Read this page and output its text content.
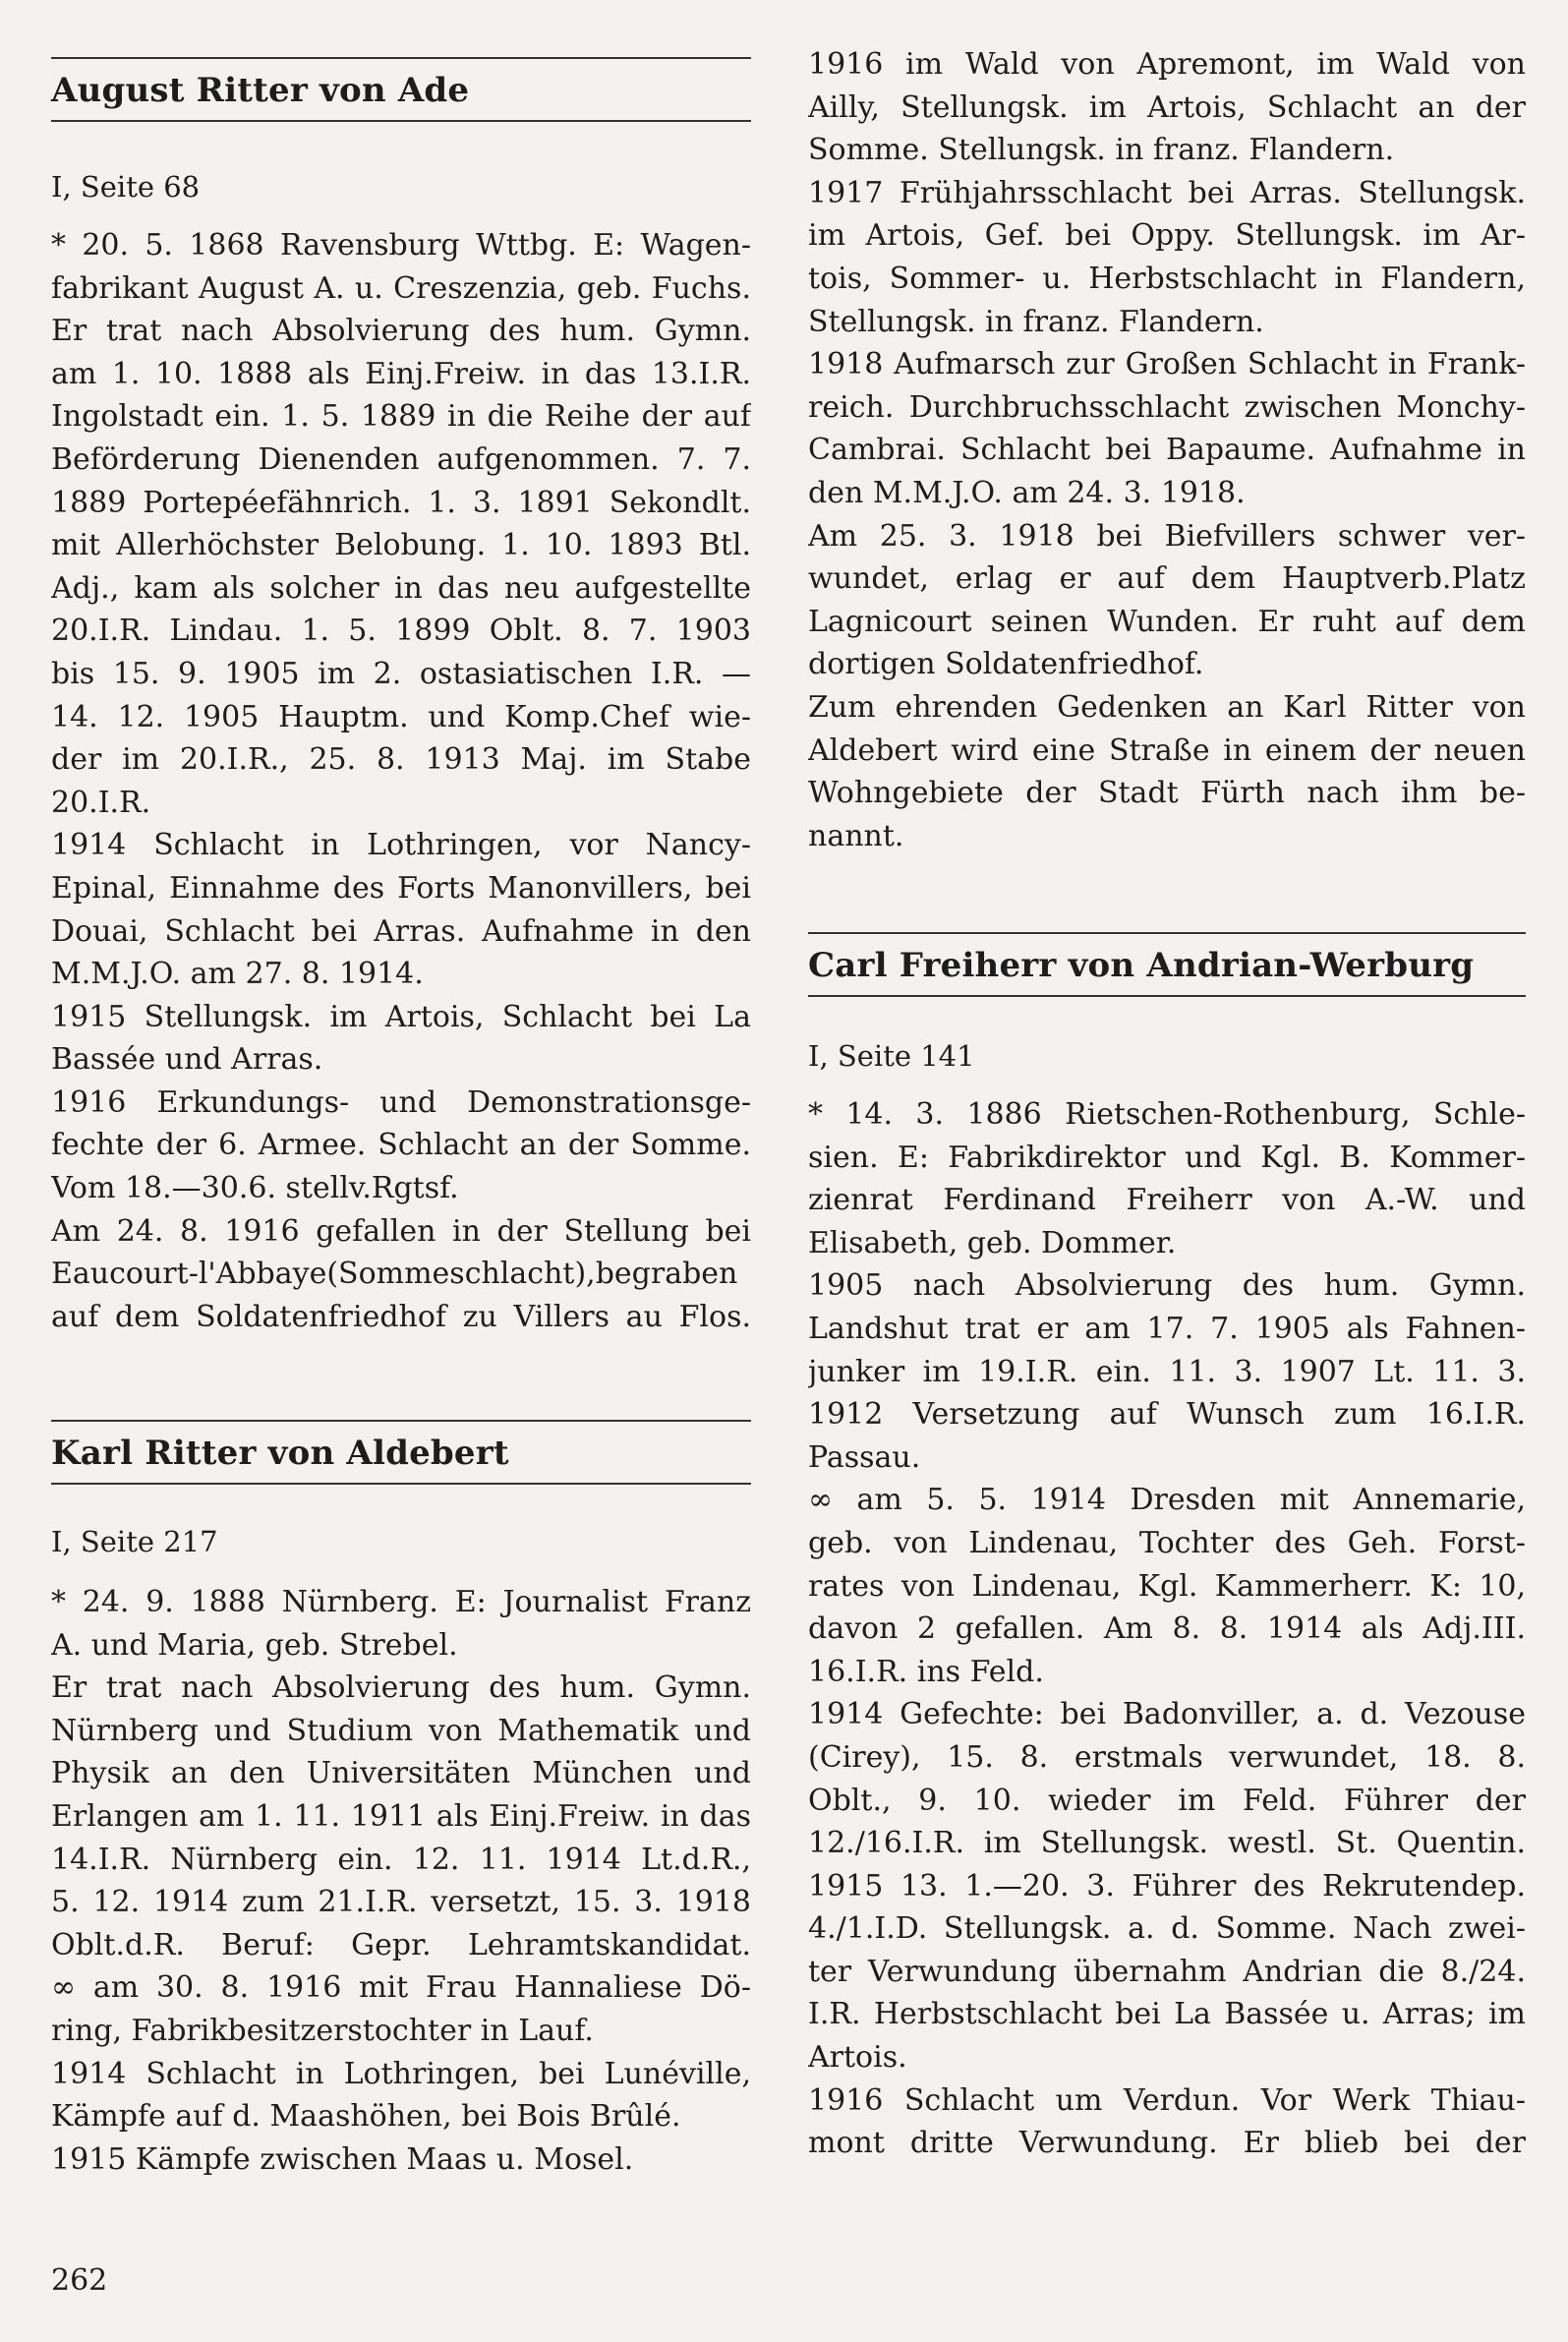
August Ritter von Ade
I, Seite 68
* 20. 5. 1868 Ravensburg Wttbg. E: Wagen-
fabrikant August A. u. Creszenzia, geb. Fuchs.
Er trat nach Absolvierung des hum. Gymn.
am 1. 10. 1888 als Einj.Freiw. in das 13.I.R.
Ingolstadt ein. 1. 5. 1889 in die Reihe der auf
Beförderung Dienenden aufgenommen. 7. 7.
1889 Portepéefähnrich. 1. 3. 1891 Sekondlt.
mit Allerhöchster Belobung. 1. 10. 1893 Btl.
Adj., kam als solcher in das neu aufgestellte
20.I.R. Lindau. 1. 5. 1899 Oblt. 8. 7. 1903
bis 15. 9. 1905 im 2. ostasiatischen I.R. —
14. 12. 1905 Hauptm. und Komp.Chef wie-
der im 20.I.R., 25. 8. 1913 Maj. im Stabe
20.I.R.
1914 Schlacht in Lothringen, vor Nancy-
Epinal, Einnahme des Forts Manonvillers, bei
Douai, Schlacht bei Arras. Aufnahme in den
M.M.J.O. am 27. 8. 1914.
1915 Stellungsk. im Artois, Schlacht bei La
Bassée und Arras.
1916 Erkundungs- und Demonstrationsge-
fechte der 6. Armee. Schlacht an der Somme.
Vom 18.—30.6. stellv.Rgtsf.
Am 24. 8. 1916 gefallen in der Stellung bei
Eaucourt-l'Abbaye(Sommeschlacht),begraben
auf dem Soldatenfriedhof zu Villers au Flos.
Karl Ritter von Aldebert
I, Seite 217
* 24. 9. 1888 Nürnberg. E: Journalist Franz
A. und Maria, geb. Strebel.
Er trat nach Absolvierung des hum. Gymn.
Nürnberg und Studium von Mathematik und
Physik an den Universitäten München und
Erlangen am 1. 11. 1911 als Einj.Freiw. in das
14.I.R. Nürnberg ein. 12. 11. 1914 Lt.d.R.,
5. 12. 1914 zum 21.I.R. versetzt, 15. 3. 1918
Oblt.d.R. Beruf: Gepr. Lehramtskandidat.
∞ am 30. 8. 1916 mit Frau Hannaliese Dö-
ring, Fabrikbesitzerstochter in Lauf.
1914 Schlacht in Lothringen, bei Lunéville,
Kämpfe auf d. Maashöhen, bei Bois Brûlé.
1915 Kämpfe zwischen Maas u. Mosel.
262
1916 im Wald von Apremont, im Wald von
Ailly, Stellungsk. im Artois, Schlacht an der
Somme. Stellungsk. in franz. Flandern.
1917 Frühjahrsschlacht bei Arras. Stellungsk.
im Artois, Gef. bei Oppy. Stellungsk. im Ar-
tois, Sommer- u. Herbstschlacht in Flandern,
Stellungsk. in franz. Flandern.
1918 Aufmarsch zur Großen Schlacht in Frank-
reich. Durchbruchsschlacht zwischen Monchy-
Cambrai. Schlacht bei Bapaume. Aufnahme in
den M.M.J.O. am 24. 3. 1918.
Am 25. 3. 1918 bei Biefvillers schwer ver-
wundet, erlag er auf dem Hauptverb.Platz
Lagnicourt seinen Wunden. Er ruht auf dem
dortigen Soldatenfriedhof.
Zum ehrenden Gedenken an Karl Ritter von
Aldebert wird eine Straße in einem der neuen
Wohngebiete der Stadt Fürth nach ihm be-
nannt.
Carl Freiherr von Andrian-Werburg
I, Seite 141
* 14. 3. 1886 Rietschen-Rothenburg, Schle-
sien. E: Fabrikdirektor und Kgl. B. Kommer-
zienrat Ferdinand Freiherr von A.-W. und
Elisabeth, geb. Dommer.
1905 nach Absolvierung des hum. Gymn.
Landshut trat er am 17. 7. 1905 als Fahnen-
junker im 19.I.R. ein. 11. 3. 1907 Lt. 11. 3.
1912 Versetzung auf Wunsch zum 16.I.R.
Passau.
∞ am 5. 5. 1914 Dresden mit Annemarie,
geb. von Lindenau, Tochter des Geh. Forst-
rates von Lindenau, Kgl. Kammerherr. K: 10,
davon 2 gefallen. Am 8. 8. 1914 als Adj.III.
16.I.R. ins Feld.
1914 Gefechte: bei Badonviller, a. d. Vezouse
(Cirey), 15. 8. erstmals verwundet, 18. 8.
Oblt., 9. 10. wieder im Feld. Führer der
12./16.I.R. im Stellungsk. westl. St. Quentin.
1915 13. 1.—20. 3. Führer des Rekrutendep.
4./1.I.D. Stellungsk. a. d. Somme. Nach zwei-
ter Verwundung übernahm Andrian die 8./24.
I.R. Herbstschlacht bei La Bassée u. Arras; im
Artois.
1916 Schlacht um Verdun. Vor Werk Thiau-
mont dritte Verwundung. Er blieb bei der
